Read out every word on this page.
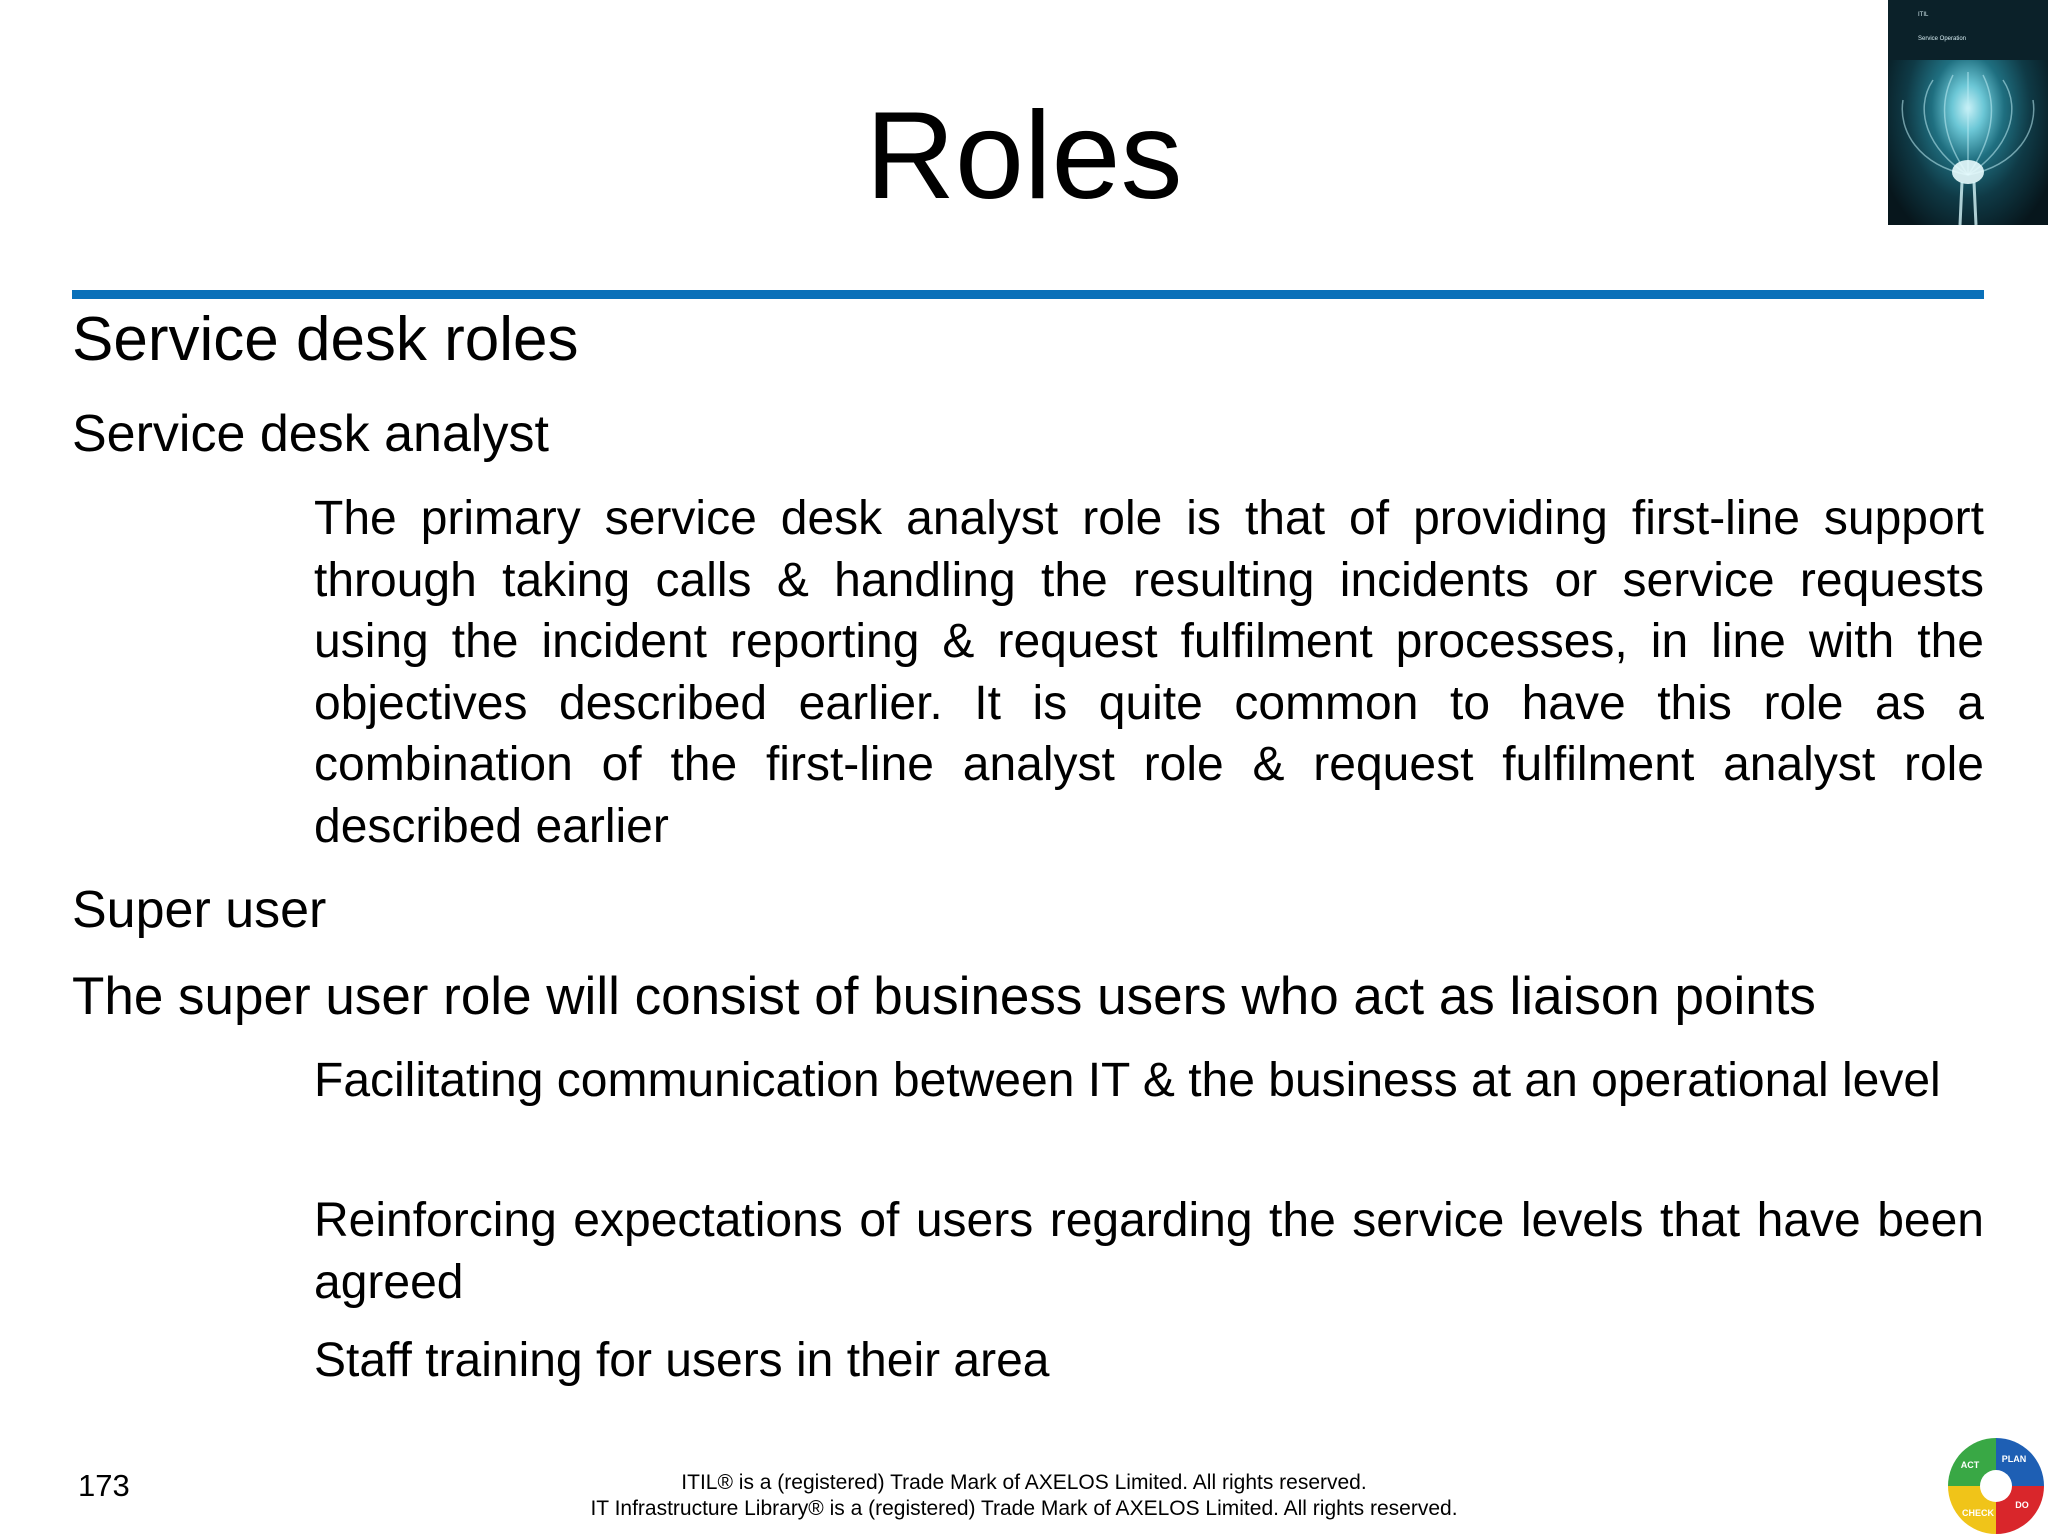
Roles
ITIL
Service Operation
Service desk roles
Service desk analyst
The primary service desk analyst role is that of providing first-line support through taking calls & handling the resulting incidents or service requests using the incident reporting & request fulfilment processes, in line with the objectives described earlier. It is quite common to have this role as a combination of the first-line analyst role & request fulfilment analyst role described earlier
Super user
The super user role will consist of business users who act as liaison points
Facilitating communication between IT & the business at an operational level
Reinforcing expectations of users regarding the service levels that have been agreed
Staff training for users in their area
173	ITIL® is a (registered) Trade Mark of AXELOS Limited. All rights reserved.
IT Infrastructure Library® is a (registered) Trade Mark of AXELOS Limited. All rights reserved.
PLAN
DO
CHECK
ACT
